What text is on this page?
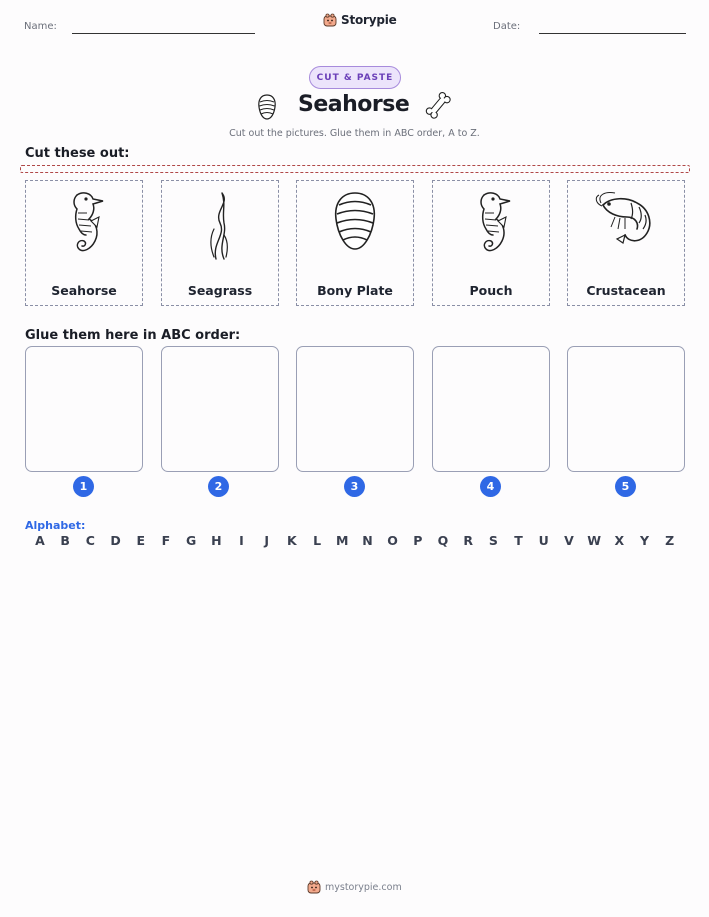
Name:	Storypie	Date:
CUT & PASTE
Seahorse
Cut out the pictures. Glue them in ABC order, A to Z.
Cut these out:
Seahorse	Seagrass	Bony Plate	Pouch	Crustacean
Glue them here in ABC order:
1	2	3	4	5
Alphabet:
A B C D E F G H	I	J	K	L	M N O P Q R S T U V W X Y Z
mystorypie.com
